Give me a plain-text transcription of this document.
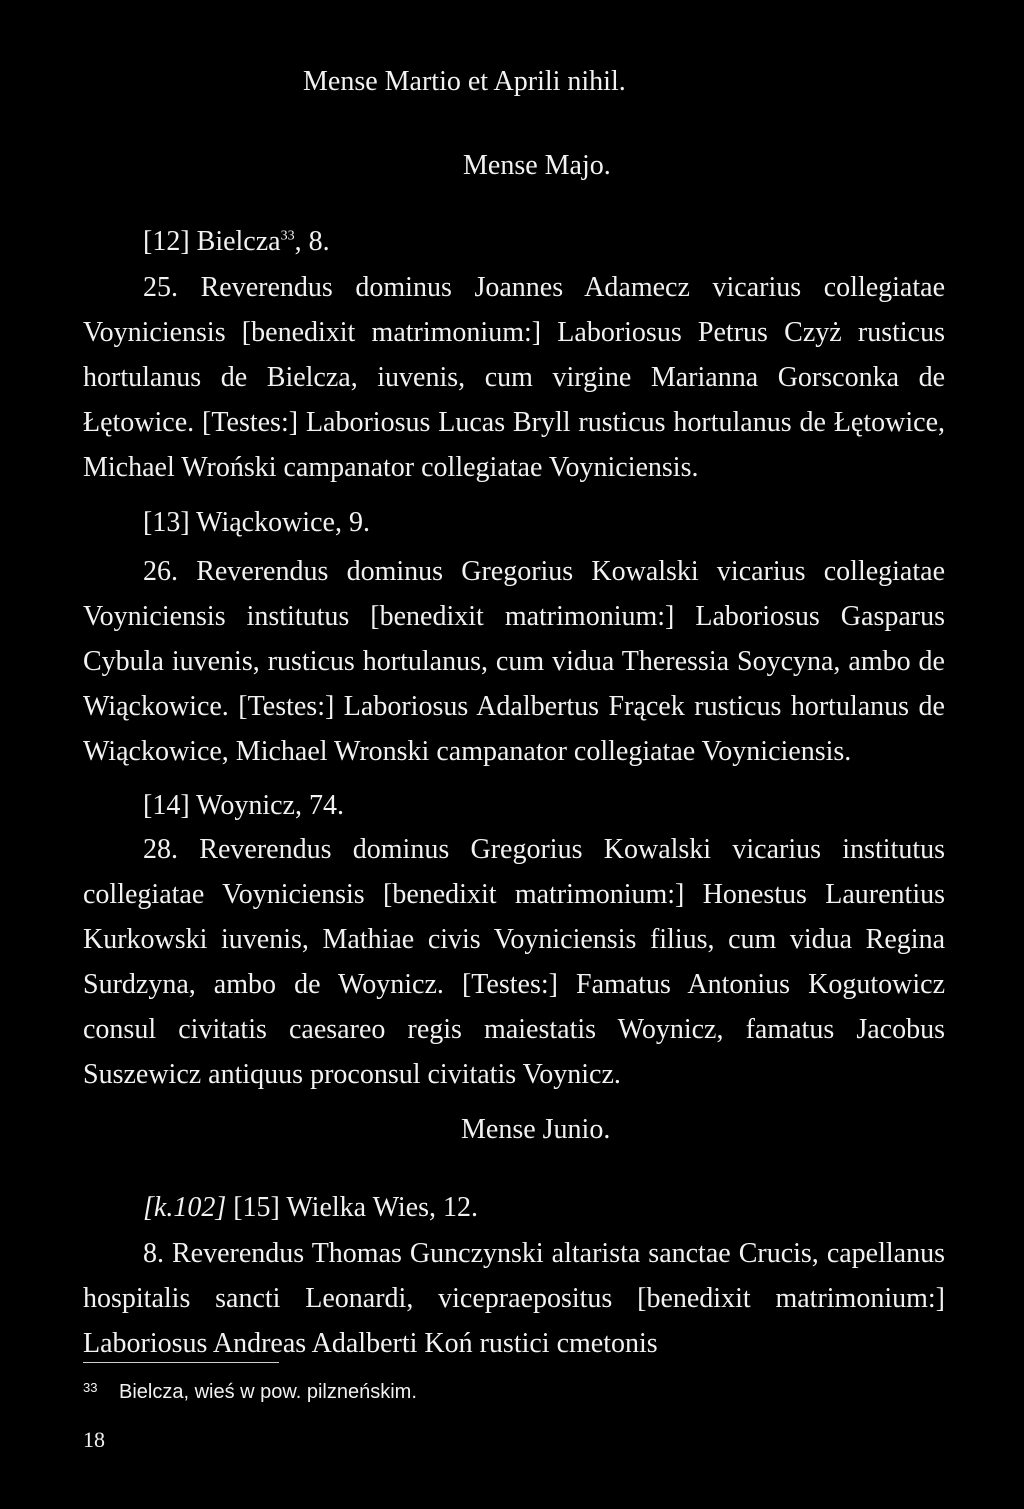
Mense Martio et Aprili nihil.
Mense Majo.

[12] Bielcza$^{33}$, 8.

25. Reverendus dominus Joannes Adamecz vicarius collegiatae Voyniciensis [benedixit matrimonium:] Laboriosus Petrus Czyż rusticus hortulanus de Bielcza, iuvenis, cum virgine Marianna Gorsconka de Łętowice. [Testes:] Laboriosus Lucas Bryll rusticus hortulanus de Łętowice, Michael Wroński campanator collegiatae Voyniciensis.

[13] Wiąckowice, 9.

26. Reverendus dominus Gregorius Kowalski vicarius collegiatae Voyniciensis institutus [benedixit matrimonium:] Laboriosus Gasparus Cybula iuvenis, rusticus hortulanus, cum vidua Theressia Soycyna, ambo de Wiąckowice. [Testes:] Laboriosus Adalbertus Frącek rusticus hortulanus de Wiąckowice, Michael Wronski campanator collegiatae Voyniciensis.

[14] Woynicz, 74.

28. Reverendus dominus Gregorius Kowalski vicarius institutus collegiatae Voyniciensis [benedixit matrimonium:] Honestus Laurentius Kurkowski iuvenis, Mathiae civis Voyniciensis filius, cum vidua Regina Surdzyna, ambo de Woynicz. [Testes:] Famatus Antonius Kogutowicz consul civitatis caesareo regis maiestatis Woynicz, famatus Jacobus Suszewicz antiquus proconsul civitatis Voynicz.

Mense Junio.

[k.102] [15] Wielka Wies, 12.

8. Reverendus Thomas Gunczynski altarista sanctae Crucis, capellanus hospitalis sancti Leonardi, vicepraepositus [benedixit matrimonium:] Laboriosus Andreas Adalberti Koń rustici cmetonis

33 Bielcza, wieś w pow. pilzneńskim.

18
